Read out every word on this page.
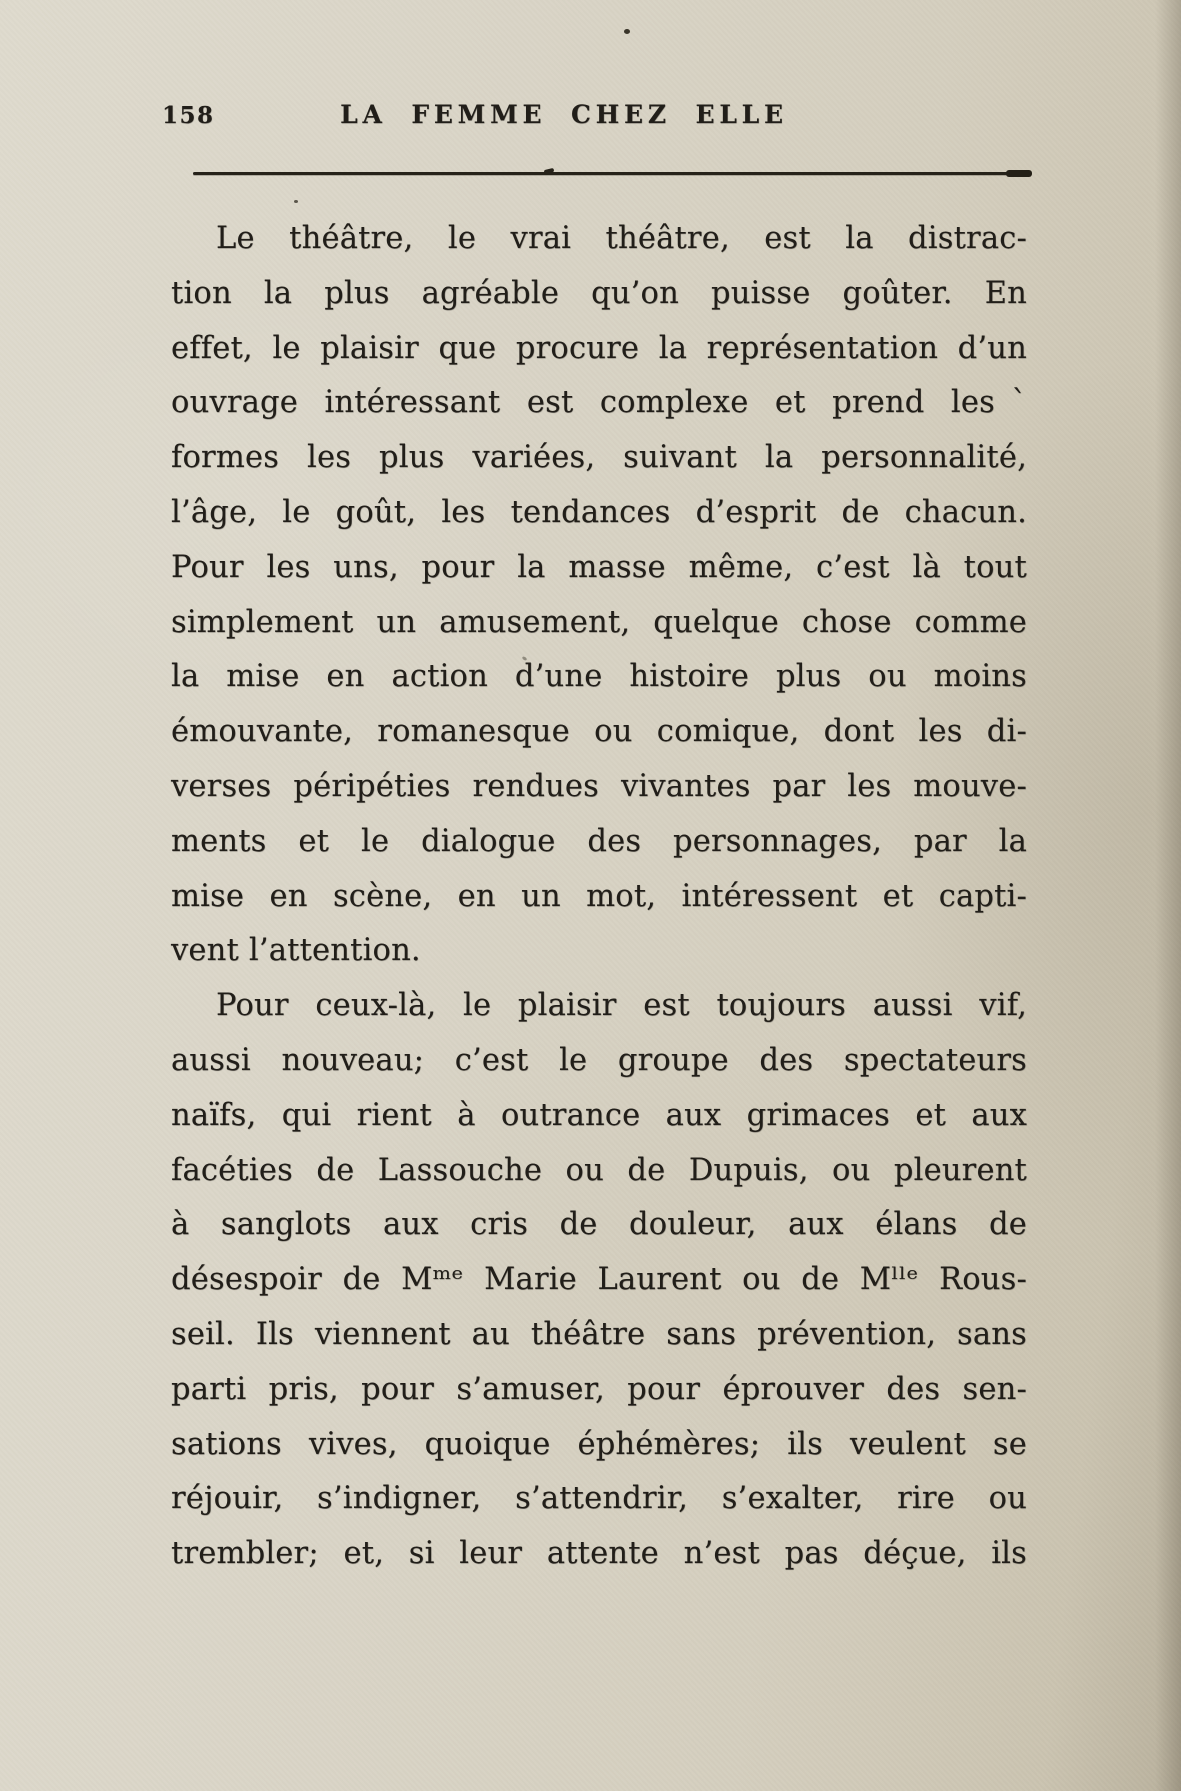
158	LA FEMME CHEZ ELLE
Le théâtre, le vrai théâtre, est la distrac-
tion la plus agréable qu’on puisse goûter. En
effet, le plaisir que procure la représentation d’un
ouvrage intéressant est complexe et prend lesˋ
formes les plus variées, suivant la personnalité,
l’âge, le goût, les tendances d’esprit de chacun.
Pour les uns, pour la masse même, c’est là tout
simplement un amusement, quelque chose comme
la mise en action d’une histoire plus ou moins
émouvante, romanesque ou comique, dont les di-
verses péripéties rendues vivantes par les mouve-
ments et le dialogue des personnages, par la
mise en scène, en un mot, intéressent et capti-
vent l’attention.
Pour ceux-là, le plaisir est toujours aussi vif,
aussi nouveau; c’est le groupe des spectateurs
naïfs, qui rient à outrance aux grimaces et aux
facéties de Lassouche ou de Dupuis, ou pleurent
à sanglots aux cris de douleur, aux élans de
désespoir de Mᵐᵉ Marie Laurent ou de Mˡˡᵉ Rous-
seil. Ils viennent au théâtre sans prévention, sans
parti pris, pour s’amuser, pour éprouver des sen-
sations vives, quoique éphémères; ils veulent se
réjouir, s’indigner, s’attendrir, s’exalter, rire ou
trembler; et, si leur attente n’est pas déçue, ils
